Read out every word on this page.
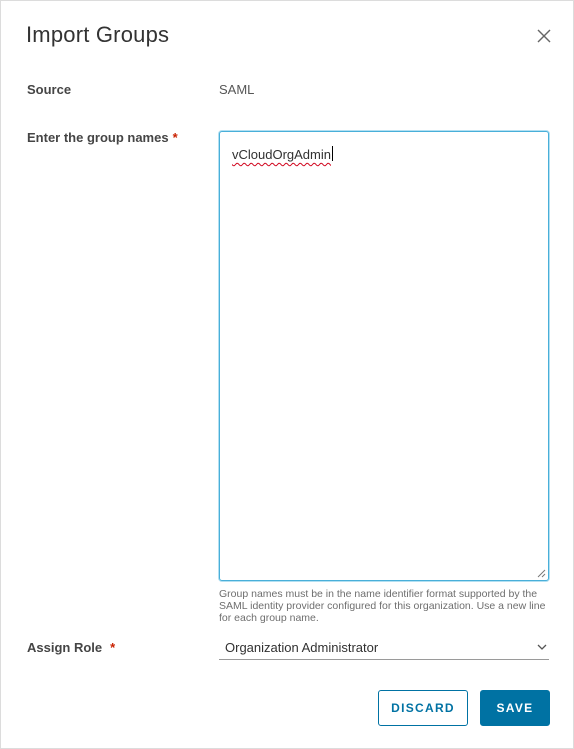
Import Groups
Source	SAML
Enter the group names *
vCloudOrgAdmin
Group names must be in the name identifier format supported by the SAML identity provider configured for this organization. Use a new line for each group name.
Assign Role *	Organization Administrator
DISCARD	SAVE
